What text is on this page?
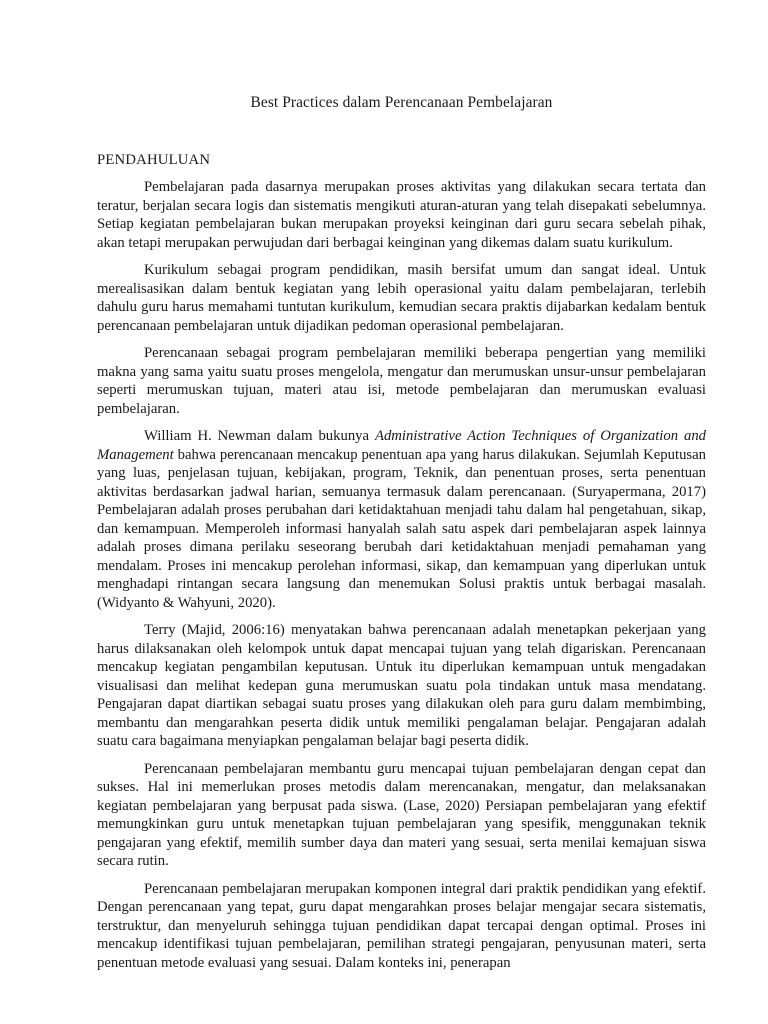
Best Practices dalam Perencanaan Pembelajaran
PENDAHULUAN

Pembelajaran pada dasarnya merupakan proses aktivitas yang dilakukan secara tertata dan teratur, berjalan secara logis dan sistematis mengikuti aturan-aturan yang telah disepakati sebelumnya. Setiap kegiatan pembelajaran bukan merupakan proyeksi keinginan dari guru secara sebelah pihak, akan tetapi merupakan perwujudan dari berbagai keinginan yang dikemas dalam suatu kurikulum.

Kurikulum sebagai program pendidikan, masih bersifat umum dan sangat ideal. Untuk merealisasikan dalam bentuk kegiatan yang lebih operasional yaitu dalam pembelajaran, terlebih dahulu guru harus memahami tuntutan kurikulum, kemudian secara praktis dijabarkan kedalam bentuk perencanaan pembelajaran untuk dijadikan pedoman operasional pembelajaran.

Perencanaan sebagai program pembelajaran memiliki beberapa pengertian yang memiliki makna yang sama yaitu suatu proses mengelola, mengatur dan merumuskan unsur-unsur pembelajaran seperti merumuskan tujuan, materi atau isi, metode pembelajaran dan merumuskan evaluasi pembelajaran.

William H. Newman dalam bukunya Administrative Action Techniques of Organization and Management bahwa perencanaan mencakup penentuan apa yang harus dilakukan. Sejumlah Keputusan yang luas, penjelasan tujuan, kebijakan, program, Teknik, dan penentuan proses, serta penentuan aktivitas berdasarkan jadwal harian, semuanya termasuk dalam perencanaan. (Suryapermana, 2017) Pembelajaran adalah proses perubahan dari ketidaktahuan menjadi tahu dalam hal pengetahuan, sikap, dan kemampuan. Memperoleh informasi hanyalah salah satu aspek dari pembelajaran aspek lainnya adalah proses dimana perilaku seseorang berubah dari ketidaktahuan menjadi pemahaman yang mendalam. Proses ini mencakup perolehan informasi, sikap, dan kemampuan yang diperlukan untuk menghadapi rintangan secara langsung dan menemukan Solusi praktis untuk berbagai masalah.(Widyanto & Wahyuni, 2020).

Terry (Majid, 2006:16) menyatakan bahwa perencanaan adalah menetapkan pekerjaan yang harus dilaksanakan oleh kelompok untuk dapat mencapai tujuan yang telah digariskan. Perencanaan mencakup kegiatan pengambilan keputusan. Untuk itu diperlukan kemampuan untuk mengadakan visualisasi dan melihat kedepan guna merumuskan suatu pola tindakan untuk masa mendatang. Pengajaran dapat diartikan sebagai suatu proses yang dilakukan oleh para guru dalam membimbing, membantu dan mengarahkan peserta didik untuk memiliki pengalaman belajar. Pengajaran adalah suatu cara bagaimana menyiapkan pengalaman belajar bagi peserta didik.

Perencanaan pembelajaran membantu guru mencapai tujuan pembelajaran dengan cepat dan sukses. Hal ini memerlukan proses metodis dalam merencanakan, mengatur, dan melaksanakan kegiatan pembelajaran yang berpusat pada siswa. (Lase, 2020) Persiapan pembelajaran yang efektif memungkinkan guru untuk menetapkan tujuan pembelajaran yang spesifik, menggunakan teknik pengajaran yang efektif, memilih sumber daya dan materi yang sesuai, serta menilai kemajuan siswa secara rutin.

Perencanaan pembelajaran merupakan komponen integral dari praktik pendidikan yang efektif. Dengan perencanaan yang tepat, guru dapat mengarahkan proses belajar mengajar secara sistematis, terstruktur, dan menyeluruh sehingga tujuan pendidikan dapat tercapai dengan optimal. Proses ini mencakup identifikasi tujuan pembelajaran, pemilihan strategi pengajaran, penyusunan materi, serta penentuan metode evaluasi yang sesuai. Dalam konteks ini, penerapan
